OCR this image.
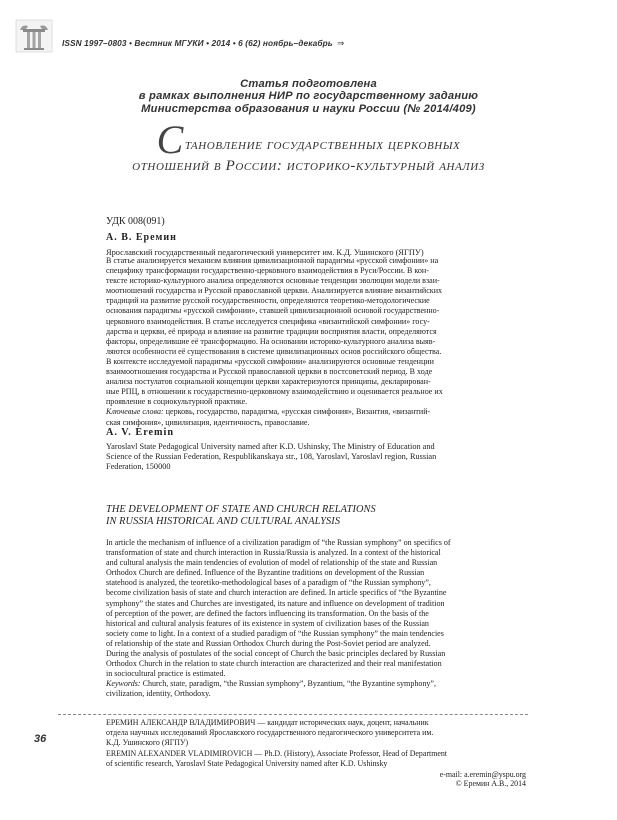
ISSN 1997–0803 • Вестник МГУКИ • 2014 • 6 (62) ноябрь–декабрь ⇒
Статья подготовлена
в рамках выполнения НИР по государственному заданию
Министерства образования и науки России (№ 2014/409)
Становление государственных церковных
отношений в России: историко-культурный анализ
УДК 008(091)
А. В. Еремин
Ярославский государственный педагогический университет им. К.Д. Ушинского (ЯГПУ)

В статье анализируется механизм влияния цивилизационной парадигмы «русской симфонии» на

специфику трансформации государственно-церковного взаимодействия в Руси/России. В кон-

тексте историко-культурного анализа определяются основные тенденции эволюции модели взаи-

моотношений государства и Русской православной церкви. Анализируется влияние византийских

традиций на развитие русской государственности, определяются теоретико-методологические

основания парадигмы «русской симфонии», ставшей цивилизационной основой государственно-

церковного взаимодействия. В статье исследуется специфика «византийской симфонии» госу-

дарства и церкви, её природа и влияние на развитие традиции восприятия власти, определяются

факторы, определившие её трансформацию. На основании историко-культурного анализа выяв-

ляются особенности её существования в системе цивилизационных основ российского общества.

В контексте исследуемой парадигмы «русской симфонии» анализируются основные тенденции

взаимоотношения государства и Русской православной церкви в постсоветский период. В ходе

анализа постулатов социальной концепции церкви характеризуются принципы, декларирован-

ные РПЦ, в отношении к государственно-церковному взаимодействию и оценивается реальное их

проявление в социокультурной практике.

Ключевые слова: церковь, государство, парадигма, «русская симфония», Византия, «византий-

ская симфония», цивилизация, идентичность, православие.

A. V. Eremin
Yaroslavl State Pedagogical University named after K.D. Ushinsky, The Ministry of Education and
Science of the Russian Federation, Respublikanskaya str., 108, Yaroslavl, Yaroslavl region, Russian
Federation, 150000
THE DEVELOPMENT OF STATE AND CHURCH RELATIONS
IN RUSSIA HISTORICAL AND CULTURAL ANALYSIS

In article the mechanism of influence of a civilization paradigm of “the Russian symphony” on specifics of

transformation of state and church interaction in Russia/Russia is analyzed. In a context of the historical

and cultural analysis the main tendencies of evolution of model of relationship of the state and Russian

Orthodox Church are defined. Influence of the Byzantine traditions on development of the Russian

statehood is analyzed, the teoretiko-methodological bases of a paradigm of “the Russian symphony”,

become civilization basis of state and church interaction are defined. In article specifics of “the Byzantine

symphony” the states and Churches are investigated, its nature and influence on development of tradition

of perception of the power, are defined the factors influencing its transformation. On the basis of the

historical and cultural analysis features of its existence in system of civilization bases of the Russian

society come to light. In a context of a studied paradigm of “the Russian symphony” the main tendencies

of relationship of the state and Russian Orthodox Church during the Post-Soviet period are analyzed.

During the analysis of postulates of the social concept of Church the basic principles declared by Russian

Orthodox Church in the relation to state church interaction are characterized and their real manifestation

in sociocultural practice is estimated.

Keywords: Church, state, paradigm, “the Russian symphony”, Byzantium, “the Byzantine symphony”,

civilization, identity, Orthodoxy.

36
ЕРЕМИН АЛЕКСАНДР ВЛАДИМИРОВИЧ — кандидат исторических наук, доцент, начальник
отдела научных исследований Ярославского государственного педагогического университета им.
К.Д. Ушинского (ЯГПУ)
EREMIN ALEXANDER VLADIMIROVICH — Ph.D. (History), Associate Professor, Head of Department
of scientific research, Yaroslavl State Pedagogical University named after K.D. Ushinsky
e-mail: a.eremin@yspu.org
© Еремин А.В., 2014
